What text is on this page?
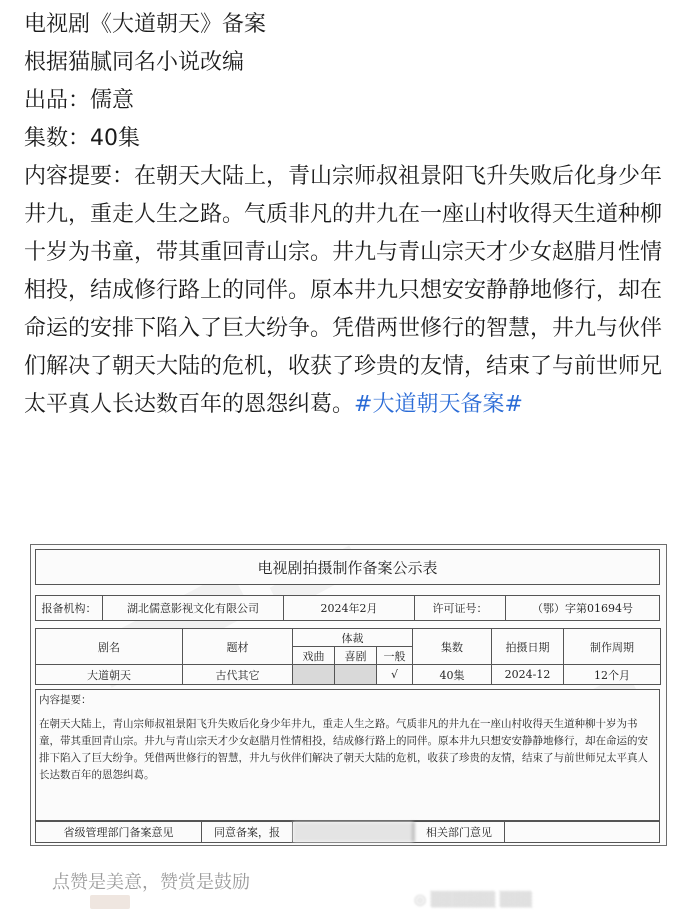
电视剧《大道朝天》备案

根据猫腻同名小说改编

出品：儒意

集数：40集

内容提要：在朝天大陆上，青山宗师叔祖景阳飞升失败后化身少年井九，重走人生之路。气质非凡的井九在一座山村收得天生道种柳十岁为书童，带其重回青山宗。井九与青山宗天才少女赵腊月性情相投，结成修行路上的同伴。原本井九只想安安静静地修行，却在命运的安排下陷入了巨大纷争。凭借两世修行的智慧，井九与伙伴们解决了朝天大陆的危机，收获了珍贵的友情，结束了与前世师兄太平真人长达数百年的恩怨纠葛。#大道朝天备案#

电视剧拍摄制作备案公示表
报备机构：	湖北儒意影视文化有限公司	2024年2月	许可证号：	（鄂）字第01694号
剧名	题材	体裁			集数	拍摄日期	制作周期
		戏曲	喜剧	一般			
大道朝天	古代其它			√	40集	2024-12	12个月
内容提要：
在朝天大陆上，青山宗师叔祖景阳飞升失败后化身少年井九，重走人生之路。气质非凡的井九在一座山村收得天生道种柳十岁为书童，带其重回青山宗。井九与青山宗天才少女赵腊月性情相投，结成修行路上的同伴。原本井九只想安安静静地修行，却在命运的安排下陷入了巨大纷争。凭借两世修行的智慧，井九与伙伴们解决了朝天大陆的危机，收获了珍贵的友情，结束了与前世师兄太平真人长达数百年的恩怨纠葛。
省级管理部门备案意见	同意备案，报	相关部门意见
点赞是美意，赞赏是鼓励
◎ ▒▒▒▒▒▒ ▒▒▒
